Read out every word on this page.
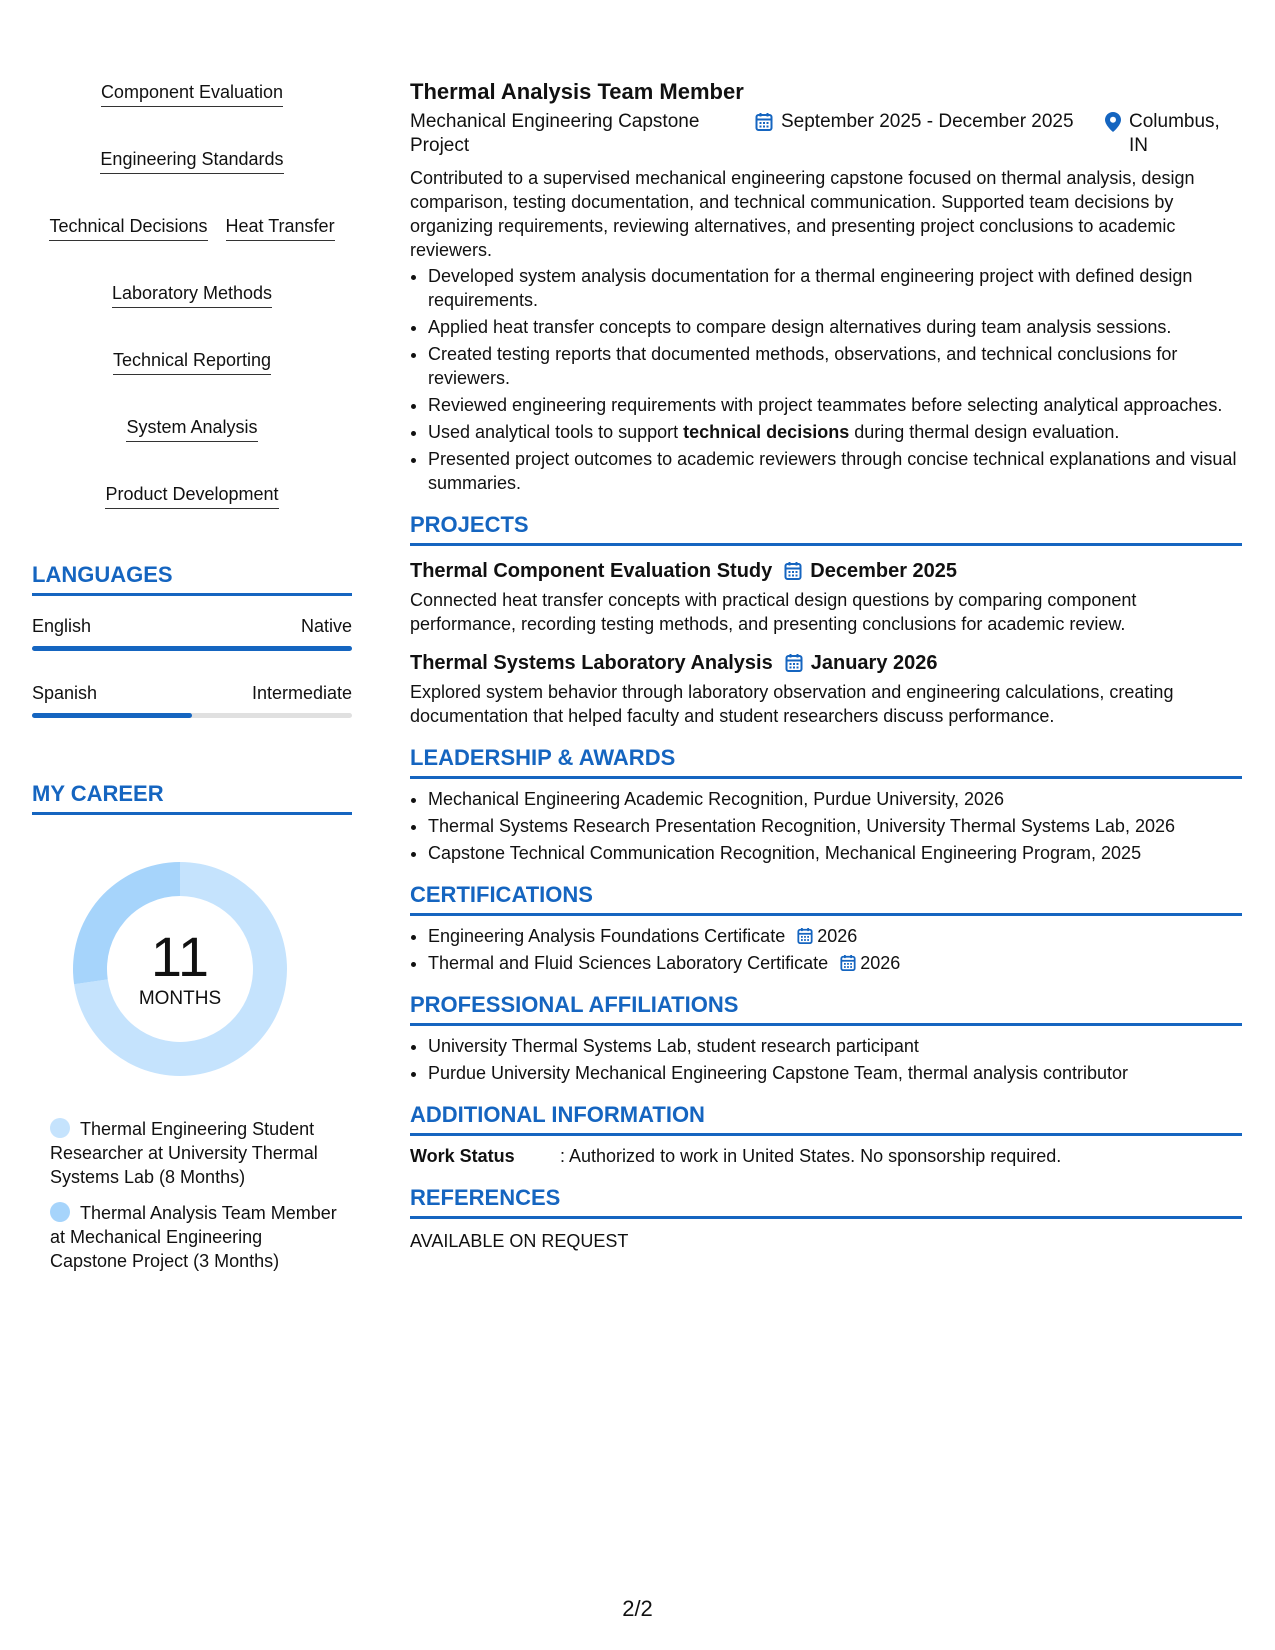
Component Evaluation
Engineering Standards
Technical Decisions Heat Transfer
Laboratory Methods
Technical Reporting
System Analysis
Product Development
LANGUAGES
English	Native
Spanish	Intermediate
MY CAREER
11
MONTHS
Thermal Engineering Student Researcher at University Thermal Systems Lab (8 Months)
Thermal Analysis Team Member at Mechanical Engineering Capstone Project (3 Months)
Thermal Analysis Team Member
Mechanical Engineering Capstone Project
September 2025 - December 2025	Columbus, IN
Contributed to a supervised mechanical engineering capstone focused on thermal analysis, design comparison, testing documentation, and technical communication. Supported team decisions by organizing requirements, reviewing alternatives, and presenting project conclusions to academic reviewers.
• Developed system analysis documentation for a thermal engineering project with defined design requirements.
• Applied heat transfer concepts to compare design alternatives during team analysis sessions.
• Created testing reports that documented methods, observations, and technical conclusions for reviewers.
• Reviewed engineering requirements with project teammates before selecting analytical approaches.
• Used analytical tools to support technical decisions during thermal design evaluation.
• Presented project outcomes to academic reviewers through concise technical explanations and visual summaries.
PROJECTS
Thermal Component Evaluation Study December 2025
Connected heat transfer concepts with practical design questions by comparing component performance, recording testing methods, and presenting conclusions for academic review.
Thermal Systems Laboratory Analysis January 2026
Explored system behavior through laboratory observation and engineering calculations, creating documentation that helped faculty and student researchers discuss performance.
LEADERSHIP & AWARDS
• Mechanical Engineering Academic Recognition, Purdue University, 2026
• Thermal Systems Research Presentation Recognition, University Thermal Systems Lab, 2026
• Capstone Technical Communication Recognition, Mechanical Engineering Program, 2025
CERTIFICATIONS
• Engineering Analysis Foundations Certificate 2026
• Thermal and Fluid Sciences Laboratory Certificate 2026
PROFESSIONAL AFFILIATIONS
• University Thermal Systems Lab, student research participant
• Purdue University Mechanical Engineering Capstone Team, thermal analysis contributor
ADDITIONAL INFORMATION
Work Status	: Authorized to work in United States. No sponsorship required.
REFERENCES
AVAILABLE ON REQUEST
2/2
